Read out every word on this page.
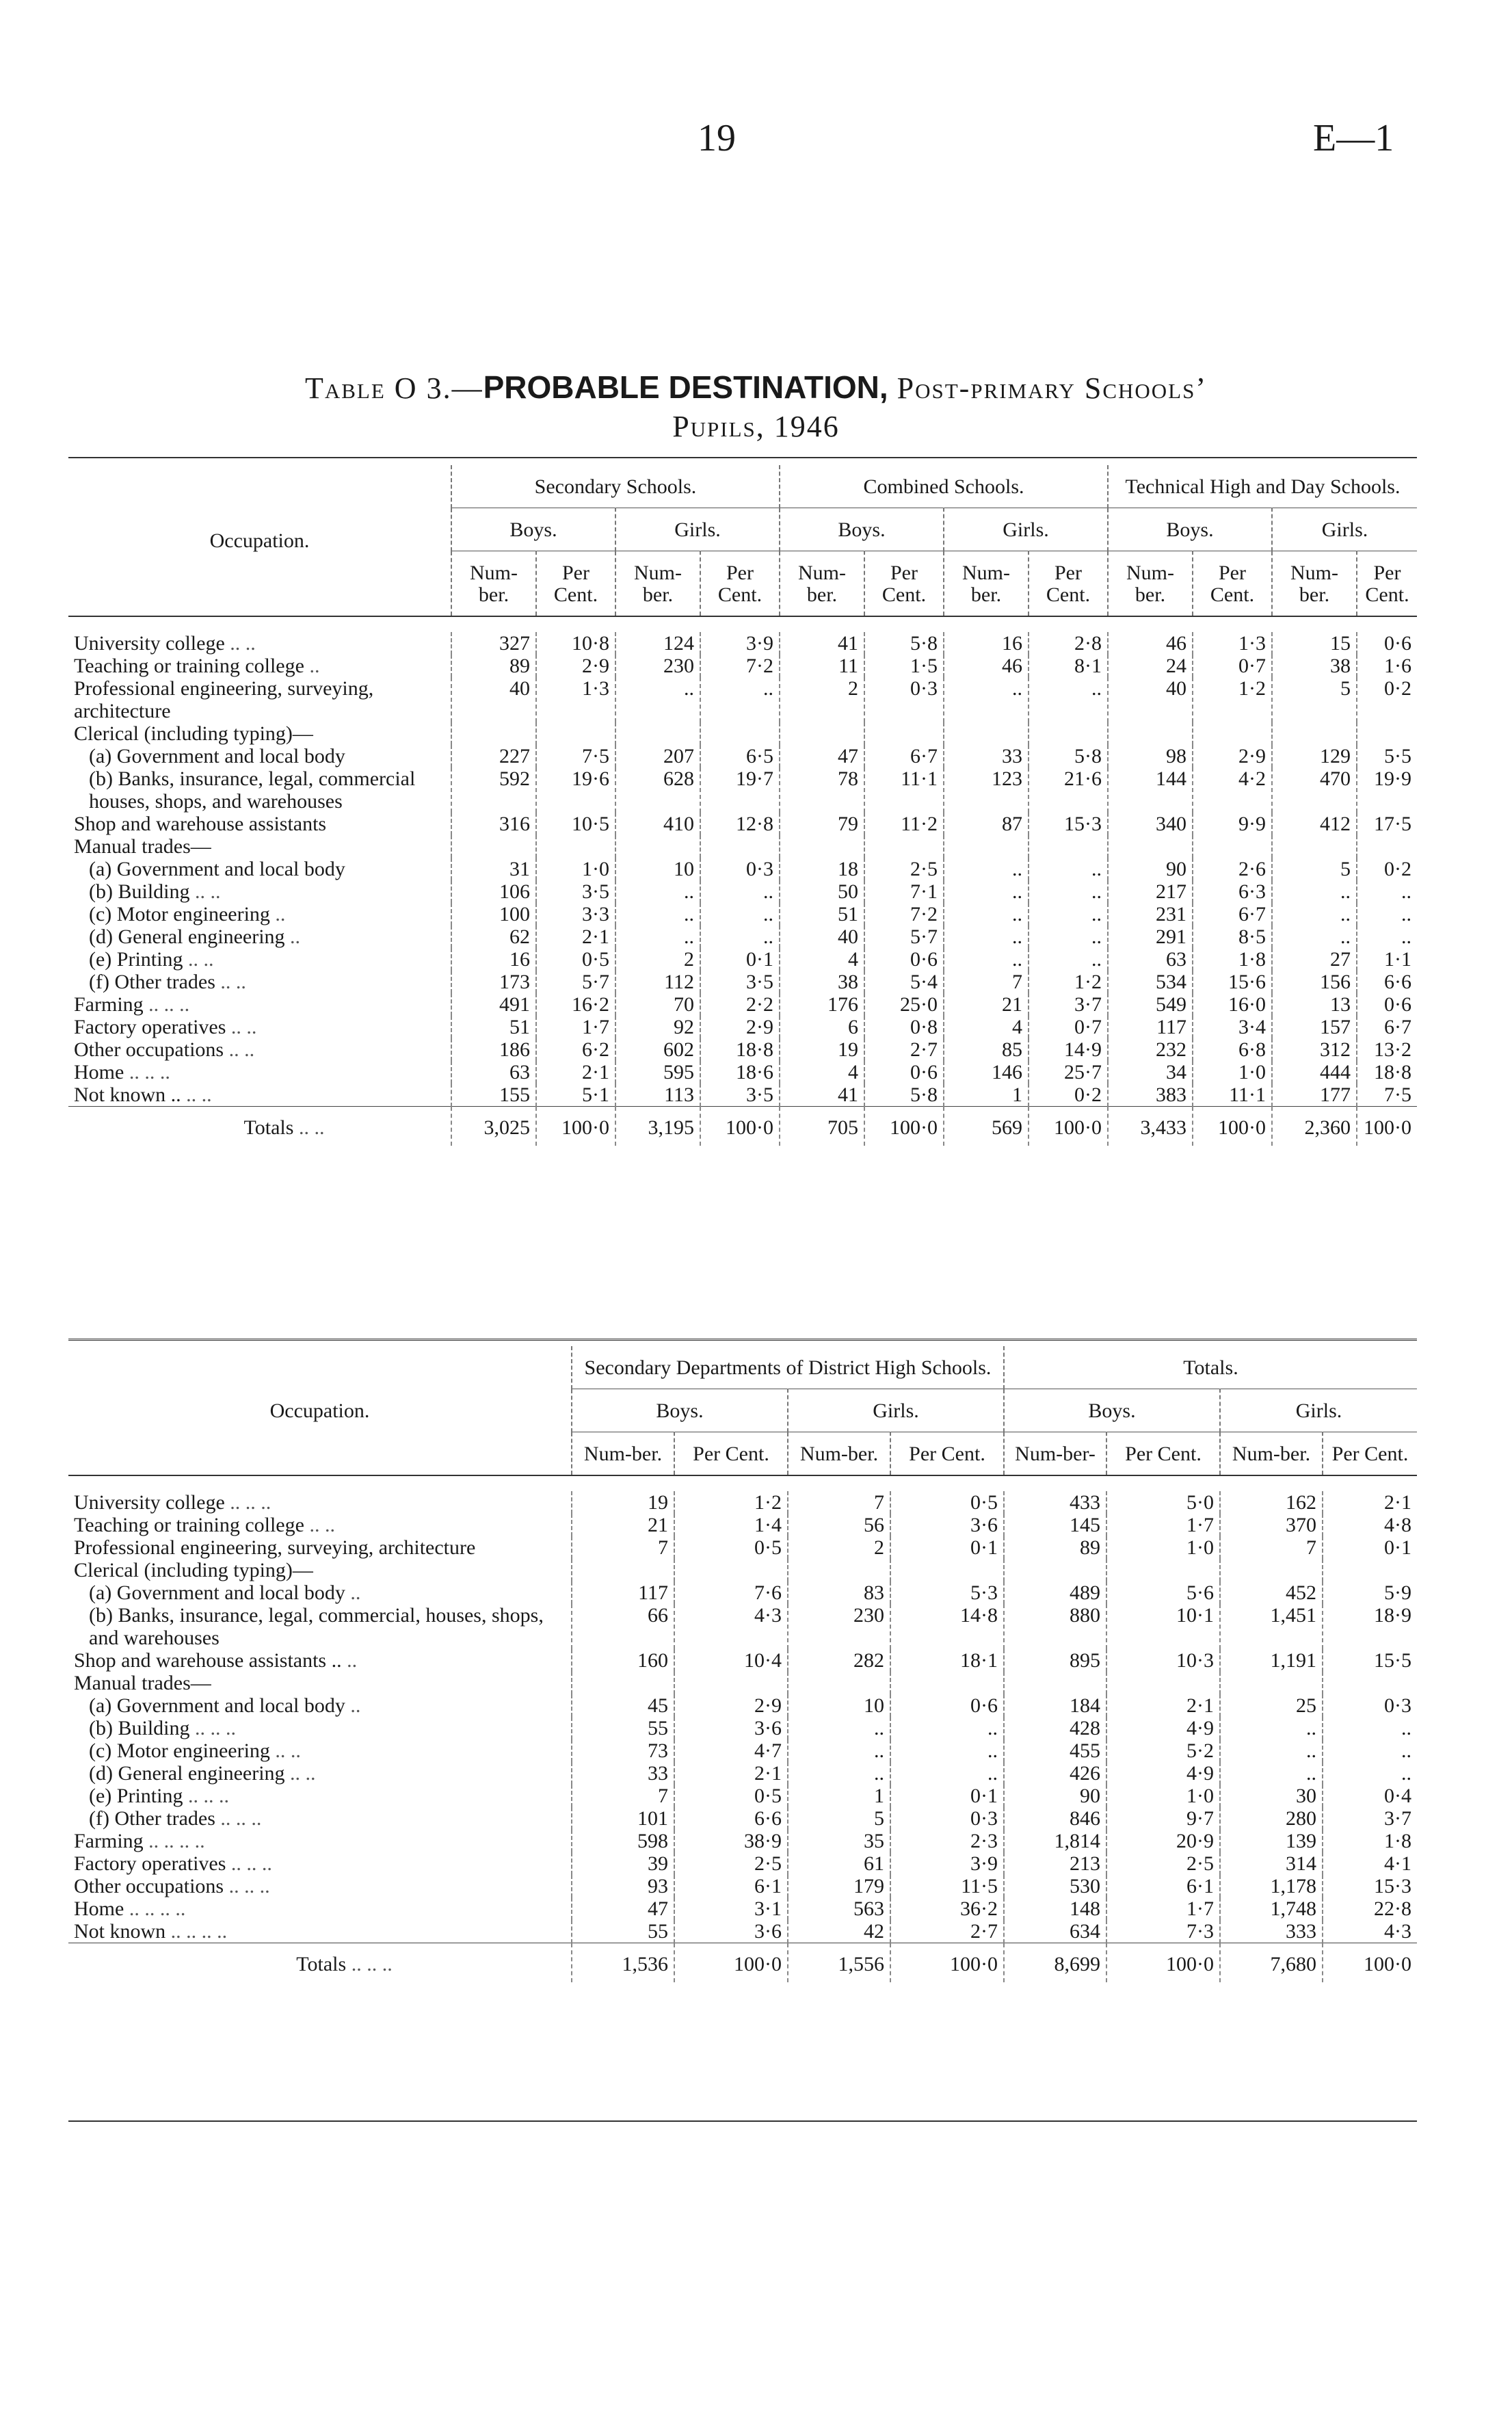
19	E—1
Table O 3.—PROBABLE DESTINATION, Post-primary Schools’
Pupils, 1946
Occupation.	Secondary Schools.				Combined Schools.				Technical High and Day Schools.			
	Boys.		Girls.		Boys.		Girls.		Boys.		Girls.	
	Num-ber.	Per Cent.	Num-ber.	Per Cent.	Num-ber.	Per Cent.	Num-ber.	Per Cent.	Num-ber.	Per Cent.	Num-ber.	Per Cent.

University college .. ..	327	10·8	124	3·9	41	5·8	16	2·8	46	1·3	15	0·6
Teaching or training college ..	89	2·9	230	7·2	11	1·5	46	8·1	24	0·7	38	1·6
Professional engineering, surveying, architecture	40	1·3	..	..	2	0·3	..	..	40	1·2	5	0·2
Clerical (including typing)—												
(a) Government and local body	227	7·5	207	6·5	47	6·7	33	5·8	98	2·9	129	5·5
(b) Banks, insurance, legal, commercial houses, shops, and warehouses	592	19·6	628	19·7	78	11·1	123	21·6	144	4·2	470	19·9
Shop and warehouse assistants	316	10·5	410	12·8	79	11·2	87	15·3	340	9·9	412	17·5
Manual trades—												
(a) Government and local body	31	1·0	10	0·3	18	2·5	..	..	90	2·6	5	0·2
(b) Building .. ..	106	3·5	..	..	50	7·1	..	..	217	6·3	..	..
(c) Motor engineering ..	100	3·3	..	..	51	7·2	..	..	231	6·7	..	..
(d) General engineering ..	62	2·1	..	..	40	5·7	..	..	291	8·5	..	..
(e) Printing .. ..	16	0·5	2	0·1	4	0·6	..	..	63	1·8	27	1·1
(f) Other trades .. ..	173	5·7	112	3·5	38	5·4	7	1·2	534	15·6	156	6·6
Farming .. .. ..	491	16·2	70	2·2	176	25·0	21	3·7	549	16·0	13	0·6
Factory operatives .. ..	51	1·7	92	2·9	6	0·8	4	0·7	117	3·4	157	6·7
Other occupations .. ..	186	6·2	602	18·8	19	2·7	85	14·9	232	6·8	312	13·2
Home .. .. ..	63	2·1	595	18·6	4	0·6	146	25·7	34	1·0	444	18·8
Not known .. .. ..	155	5·1	113	3·5	41	5·8	1	0·2	383	11·1	177	7·5
Totals .. ..	3,025	100·0	3,195	100·0	705	100·0	569	100·0	3,433	100·0	2,360	100·0
Occupation.	Secondary Departments of District High Schools.				Totals.			
	Boys.		Girls.		Boys.		Girls.	
	Num-ber.	Per Cent.	Num-ber.	Per Cent.	Num-ber-	Per Cent.	Num-ber.	Per Cent.

University college .. .. ..	19	1·2	7	0·5	433	5·0	162	2·1
Teaching or training college .. ..	21	1·4	56	3·6	145	1·7	370	4·8
Professional engineering, surveying, architecture	7	0·5	2	0·1	89	1·0	7	0·1
Clerical (including typing)—								
(a) Government and local body ..	117	7·6	83	5·3	489	5·6	452	5·9
(b) Banks, insurance, legal, commercial, houses, shops, and warehouses	66	4·3	230	14·8	880	10·1	1,451	18·9
Shop and warehouse assistants .. ..	160	10·4	282	18·1	895	10·3	1,191	15·5
Manual trades—								
(a) Government and local body ..	45	2·9	10	0·6	184	2·1	25	0·3
(b) Building .. .. ..	55	3·6	..	..	428	4·9	..	..
(c) Motor engineering .. ..	73	4·7	..	..	455	5·2	..	..
(d) General engineering .. ..	33	2·1	..	..	426	4·9	..	..
(e) Printing .. .. ..	7	0·5	1	0·1	90	1·0	30	0·4
(f) Other trades .. .. ..	101	6·6	5	0·3	846	9·7	280	3·7
Farming .. .. .. ..	598	38·9	35	2·3	1,814	20·9	139	1·8
Factory operatives .. .. ..	39	2·5	61	3·9	213	2·5	314	4·1
Other occupations .. .. ..	93	6·1	179	11·5	530	6·1	1,178	15·3
Home .. .. .. ..	47	3·1	563	36·2	148	1·7	1,748	22·8
Not known .. .. .. ..	55	3·6	42	2·7	634	7·3	333	4·3
Totals .. .. ..	1,536	100·0	1,556	100·0	8,699	100·0	7,680	100·0
